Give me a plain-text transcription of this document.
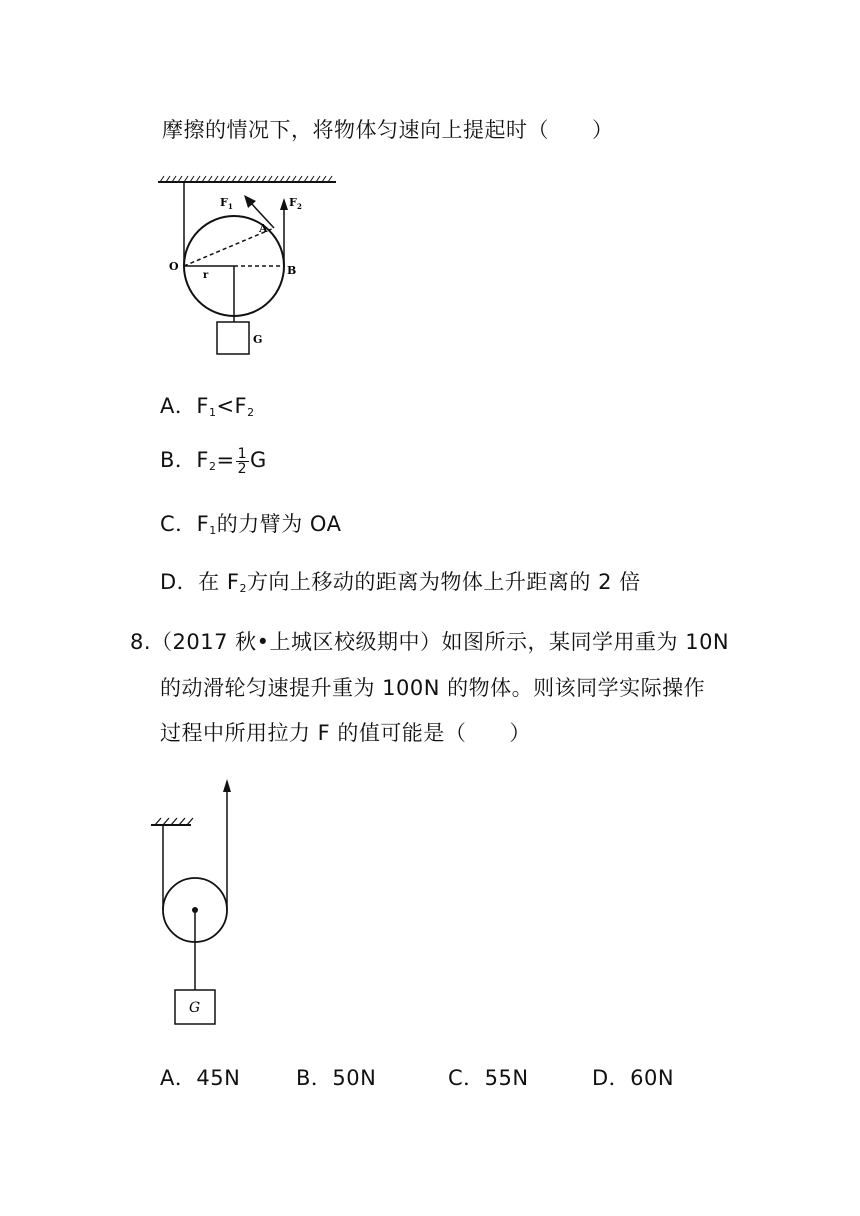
摩擦的情况下，将物体匀速向上提起时（　　）
F 1	F 2
A
O	B
r
G
A．$F_1<F_2$
B．$F_2= \frac{1}{2}$ G
C．$F_1$的力臂为 OA
D．在 $F_2$方向上移动的距离为物体上升距离的 2 倍
8.（2017 秋•上城区校级期中）如图所示，某同学用重为 10N
的动滑轮匀速提升重为 100N 的物体。则该同学实际操作
过程中所用拉力 F 的值可能是（　　）
G
A．45N	B．50N	C．55N	D．60N
